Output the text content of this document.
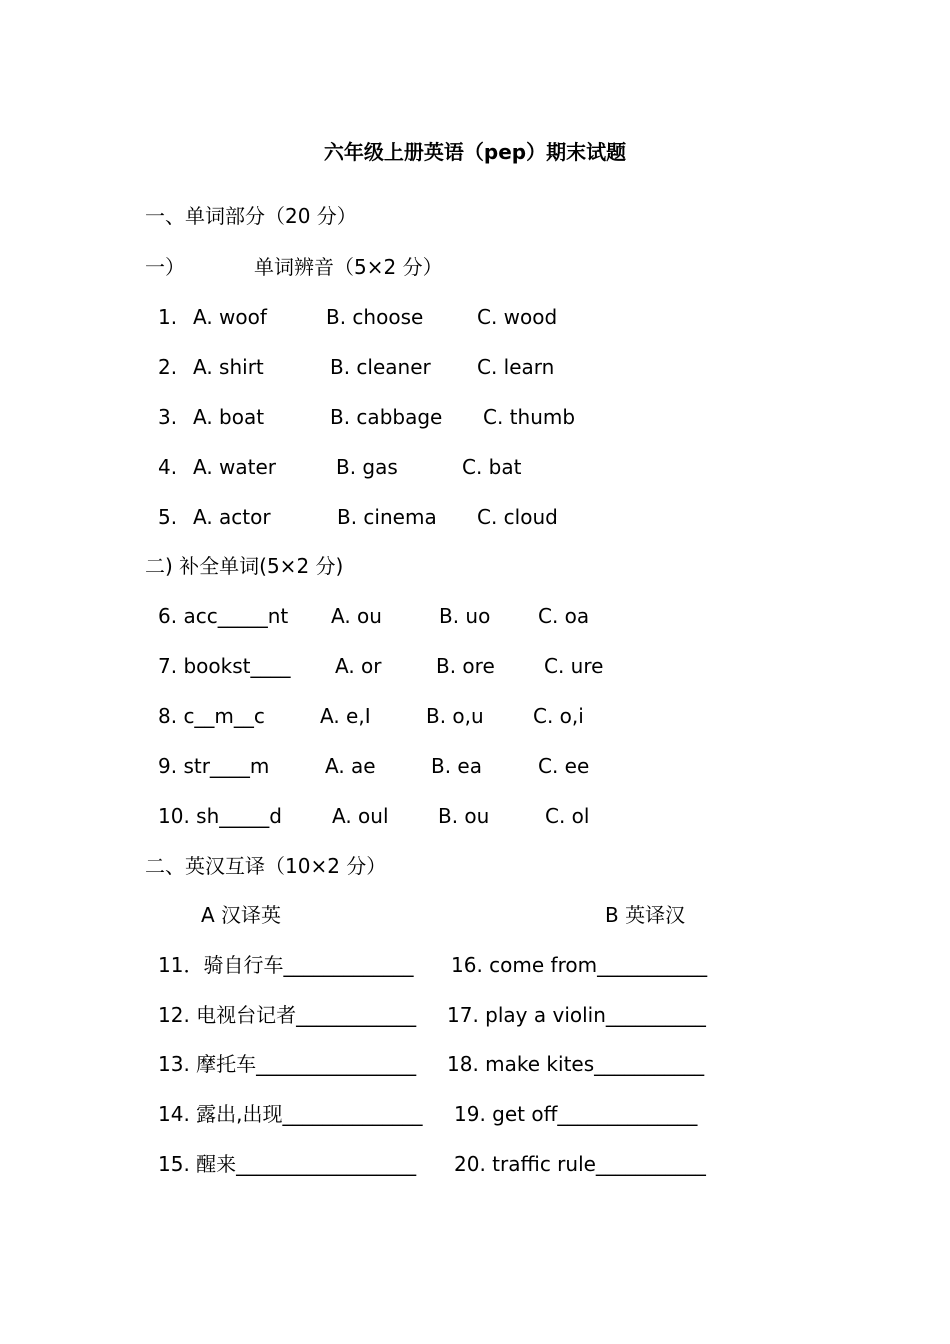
六年级上册英语（pep）期末试题
一、单词部分（20 分）
一）	单词辨音（5×2 分）
1. A. woof	B. choose	C. wood
2. A. shirt	B. cleaner C. learn
3. A. boat	B. cabbage C. thumb
4. A. water	B. gas	C. bat
5. A. actor	B. cinema C. cloud
二) 补全单词(5×2 分)
6. acc_____nt A. ou	B. uo C. oa
7. bookst____ A. or	B. ore C. ure
8. c__m__c	A. e,I	B. o,u C. o,i
9. str____m	A. ae	B. ea	C. ee
10. sh_____d	A. oul B. ou	C. ol
二、英汉互译（10×2 分）
A 汉译英	B 英译汉
11．骑自行车_____________ 16. come from___________
12. 电视台记者____________ 17. play a violin__________
13. 摩托车________________ 18. make kites___________
14. 露出,出现______________ 19. get off______________
15. 醒来__________________ 20. traffic rule___________
